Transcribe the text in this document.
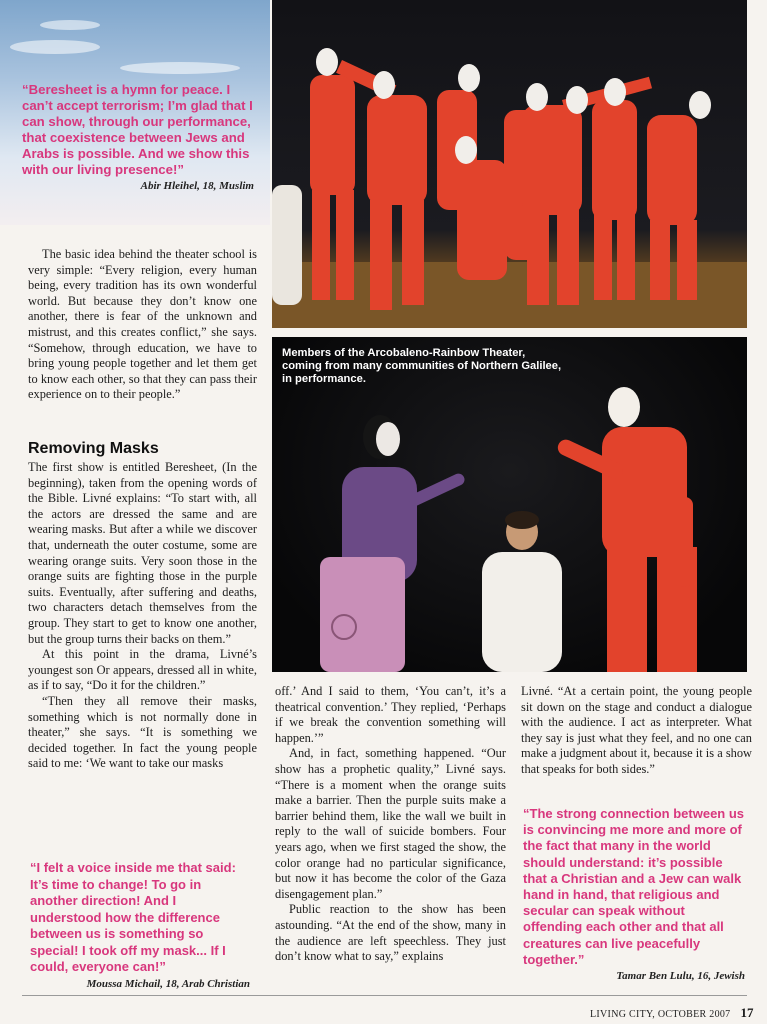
“Beresheet is a hymn for peace. I can’t accept terrorism; I’m glad that I can show, through our performance, that coexistence between Jews and Arabs is possible. And we show this with our living presence!”

Abir Hleihel, 18, Muslim

The basic idea behind the theater school is very simple: “Every religion, every human being, every tradition has its own wonderful world. But because they don’t know one another, there is fear of the unknown and mistrust, and this creates conflict,” she says. “Somehow, through education, we have to bring young people together and let them get to know each other, so that they can pass their experience on to their people.”

Removing Masks

The first show is entitled Beresheet, (In the beginning), taken from the opening words of the Bible. Livné explains: “To start with, all the actors are dressed the same and are wearing masks. But after a while we discover that, underneath the outer costume, some are wearing orange suits. Very soon those in the orange suits are fighting those in the purple suits. Eventually, after suffering and deaths, two characters detach themselves from the group. They start to get to know one another, but the group turns their backs on them.”

At this point in the drama, Livné’s youngest son Or appears, dressed all in white, as if to say, “Do it for the children.”

“Then they all remove their masks, something which is not normally done in theater,” she says. “It is something we decided together. In fact the young people said to me: ‘We want to take our masks

“I felt a voice inside me that said: It’s time to change! To go in another direction! And I understood how the difference between us is something so special! I took off my mask... If I could, everyone can!”

Moussa Michail, 18, Arab Christian

Members of the Arcobaleno-Rainbow Theater, coming from many communities of Northern Galilee, in performance.

off.’ And I said to them, ‘You can’t, it’s a theatrical convention.’ They replied, ‘Perhaps if we break the convention something will happen.’”

And, in fact, something happened. “Our show has a prophetic quality,” Livné says. “There is a moment when the orange suits make a barrier. Then the purple suits make a barrier behind them, like the wall we built in reply to the wall of suicide bombers. Four years ago, when we first staged the show, the color orange had no particular significance, but now it has become the color of the Gaza disengagement plan.”

Public reaction to the show has been astounding. “At the end of the show, many in the audience are left speechless. They just don’t know what to say,” explains

Livné. “At a certain point, the young people sit down on the stage and conduct a dialogue with the audience. I act as interpreter. What they say is just what they feel, and no one can make a judgment about it, because it is a show that speaks for both sides.”

“The strong connection between us is convincing me more and more of the fact that many in the world should understand: it’s possible that a Christian and a Jew can walk hand in hand, that religious and secular can speak without offending each other and that all creatures can live peacefully together.”

Tamar Ben Lulu, 16, Jewish

LIVING CITY, OCTOBER 2007 17
